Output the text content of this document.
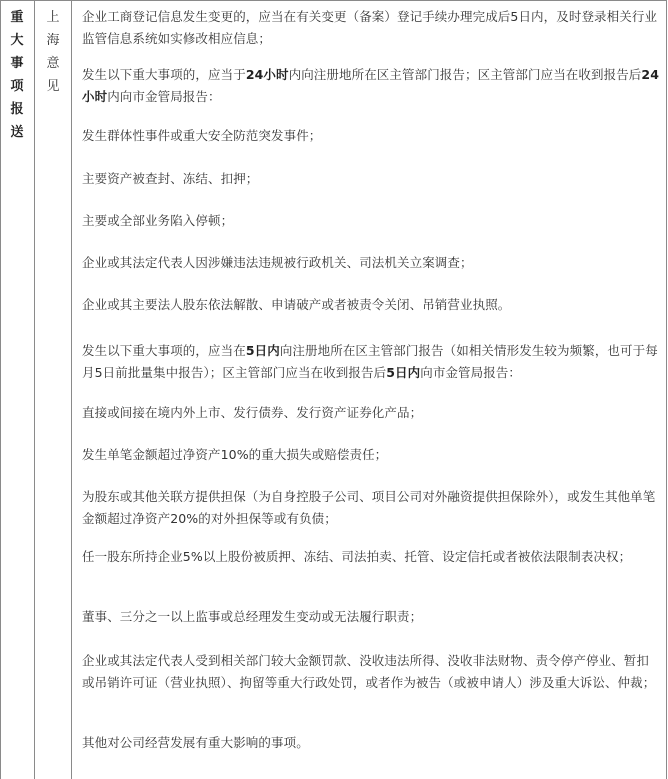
重
大
事
项
报
送
上
海
意
见

企业工商登记信息发生变更的，应当在有关变更（备案）登记手续办理完成后5日内，及时登录相关行业监管信息系统如实修改相应信息；

发生以下重大事项的，应当于24小时内向注册地所在区主管部门报告；区主管部门应当在收到报告后24小时内向市金管局报告：

发生群体性事件或重大安全防范突发事件；

主要资产被查封、冻结、扣押；

主要或全部业务陷入停顿；

企业或其法定代表人因涉嫌违法违规被行政机关、司法机关立案调查；

企业或其主要法人股东依法解散、申请破产或者被责令关闭、吊销营业执照。

发生以下重大事项的，应当在5日内向注册地所在区主管部门报告（如相关情形发生较为频繁，也可于每月5日前批量集中报告）；区主管部门应当在收到报告后5日内向市金管局报告：

直接或间接在境内外上市、发行债券、发行资产证券化产品；

发生单笔金额超过净资产10%的重大损失或赔偿责任；

为股东或其他关联方提供担保（为自身控股子公司、项目公司对外融资提供担保除外），或发生其他单笔金额超过净资产20%的对外担保等或有负债；

任一股东所持企业5%以上股份被质押、冻结、司法拍卖、托管、设定信托或者被依法限制表决权；

董事、三分之一以上监事或总经理发生变动或无法履行职责；

企业或其法定代表人受到相关部门较大金额罚款、没收违法所得、没收非法财物、责令停产停业、暂扣或吊销许可证（营业执照）、拘留等重大行政处罚，或者作为被告（或被申请人）涉及重大诉讼、仲裁；

其他对公司经营发展有重大影响的事项。
